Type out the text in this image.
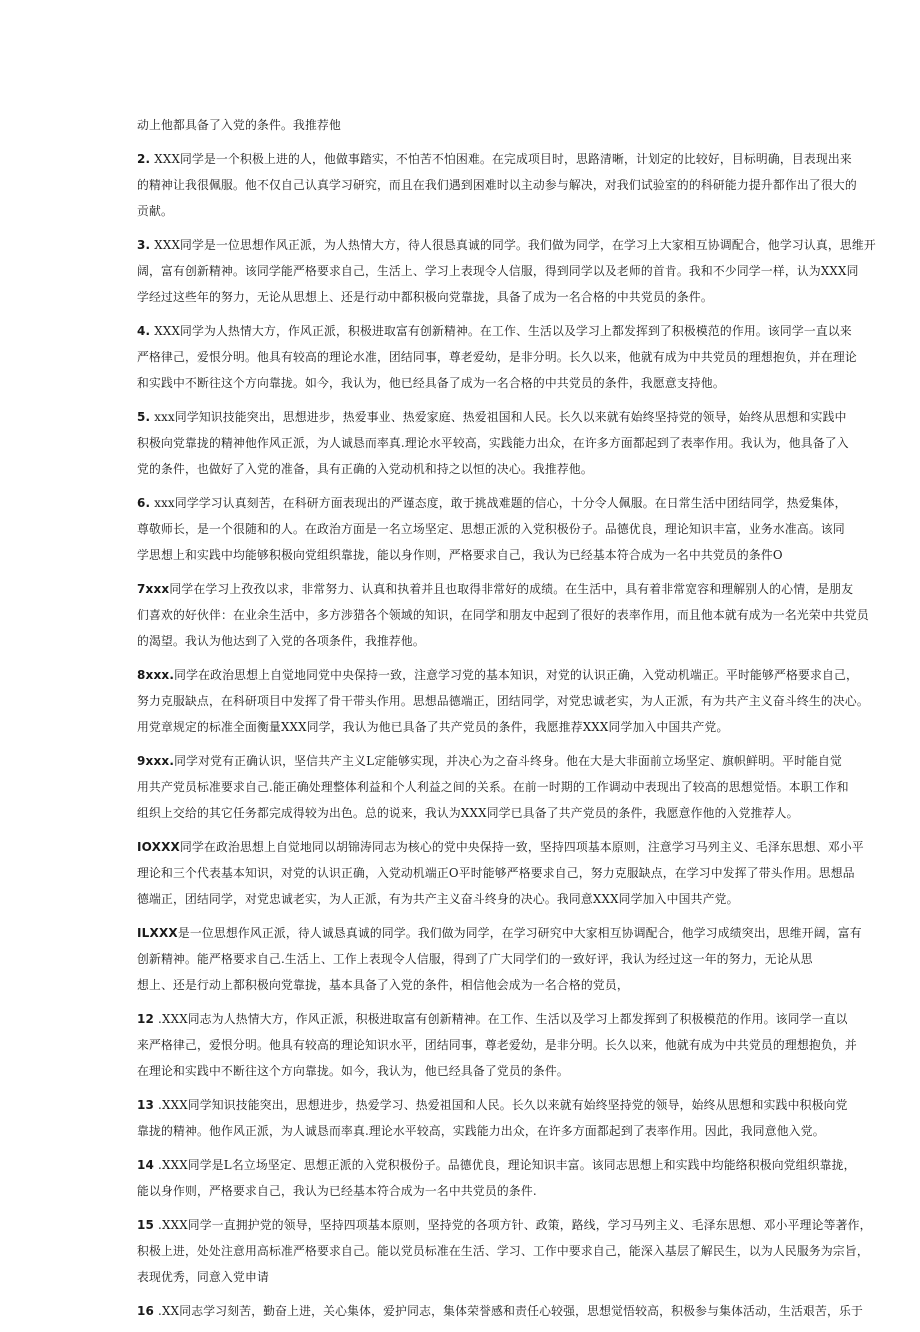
动上他都具备了入党的条件。我推荐他
2. XXX同学是一个积极上进的人，他做事踏实，不怕苦不怕困难。在完成项目时，思路清晰，计划定的比较好，目标明确，目表现出来
的精神让我很佩服。他不仅自己认真学习研究，而且在我们遇到困难时以主动参与解决，对我们试验室的的科研能力提升都作出了很大的
贡献。
3. XXX同学是一位思想作风正派，为人热情大方，待人很恳真诚的同学。我们做为同学，在学习上大家相互协调配合，他学习认真，思维开
阔，富有创新精神。该同学能严格要求自己，生活上、学习上表现令人信服，得到同学以及老师的首肯。我和不少同学一样，认为XXX同
学经过这些年的努力，无论从思想上、还是行动中都积极向党靠拢，具备了成为一名合格的中共党员的条件。
4. XXX同学为人热情大方，作风正派，积极进取富有创新精神。在工作、生活以及学习上都发挥到了积极模范的作用。该同学一直以来
严格律己，爱恨分明。他具有较高的理论水准，团结同事，尊老爱幼，是非分明。长久以来，他就有成为中共党员的理想抱负，并在理论
和实践中不断往这个方向靠拢。如今，我认为，他已经具备了成为一名合格的中共党员的条件，我愿意支持他。
5. xxx同学知识技能突出，思想进步，热爱事业、热爱家庭、热爱祖国和人民。长久以来就有始终坚持党的领导，始终从思想和实践中
积极向党靠拢的精神他作风正派，为人诚恳而率真.理论水平较高，实践能力出众，在许多方面都起到了表率作用。我认为，他具备了入
党的条件，也做好了入党的准备，具有正确的入党动机和持之以恒的决心。我推荐他。
6. xxx同学学习认真刻苦，在科研方面表现出的严谨态度，敢于挑战难题的信心，十分令人佩服。在日常生活中团结同学，热爱集体，
尊敬师长，是一个很随和的人。在政治方面是一名立场坚定、思想正派的入党积极份子。品德优良，理论知识丰富，业务水准高。该同
学思想上和实践中均能够积极向党组织靠拢，能以身作则，严格要求自己，我认为已经基本符合成为一名中共党员的条件O
7xxx同学在学习上孜孜以求，非常努力、认真和执着并且也取得非常好的成绩。在生活中，具有着非常宽容和理解别人的心情，是朋友
们喜欢的好伙伴：在业余生活中，多方涉猎各个领域的知识，在同学和朋友中起到了很好的表率作用，而且他本就有成为一名光荣中共党员
的渴望。我认为他达到了入党的各项条件，我推荐他。
8xxx.同学在政治思想上自觉地同党中央保持一致，注意学习党的基本知识，对党的认识正确，入党动机端正。平时能够严格要求自己，
努力克服缺点，在科研项目中发挥了骨干带头作用。思想品德端正，团结同学，对党忠诚老实，为人正派，有为共产主义奋斗终生的决心。
用党章规定的标准全面衡量XXX同学，我认为他已具备了共产党员的条件，我愿推荐XXX同学加入中国共产党。
9xxx.同学对党有正确认识，坚信共产主义L定能够实现，并决心为之奋斗终身。他在大是大非面前立场坚定、旗帜鲜明。平时能自觉
用共产党员标准要求自己.能正确处理整体利益和个人利益之间的关系。在前一时期的工作调动中表现出了较高的思想觉悟。本职工作和
组织上交给的其它任务都完成得较为出色。总的说来，我认为XXX同学已具备了共产党员的条件，我愿意作他的入党推荐人。
IOXXX同学在政治思想上自觉地同以胡锦涛同志为核心的党中央保持一致，坚持四项基本原则，注意学习马列主义、毛泽东思想、邓小平
理论和三个代表基本知识，对党的认识正确，入党动机端正O平时能够严格要求自己，努力克服缺点，在学习中发挥了带头作用。思想品
德端正，团结同学，对党忠诚老实，为人正派，有为共产主义奋斗终身的决心。我同意XXX同学加入中国共产党。
ILXXX是一位思想作风正派，待人诚恳真诚的同学。我们做为同学，在学习研究中大家相互协调配合，他学习成绩突出，思维开阔，富有
创新精神。能严格要求自己.生活上、工作上表现令人信服，得到了广大同学们的一致好评，我认为经过这一年的努力，无论从思
想上、还是行动上都积极向党靠拢，基本具备了入党的条件，相信他会成为一名合格的党员，
12 .XXX同志为人热情大方，作风正派，积极进取富有创新精神。在工作、生活以及学习上都发挥到了积极模范的作用。该同学一直以
来严格律己，爱恨分明。他具有较高的理论知识水平，团结同事，尊老爱幼，是非分明。长久以来，他就有成为中共党员的理想抱负，并
在理论和实践中不断往这个方向靠拢。如今，我认为，他已经具备了党员的条件。
13 .XXX同学知识技能突出，思想进步，热爱学习、热爱祖国和人民。长久以来就有始终坚持党的领导，始终从思想和实践中积极向党
靠拢的精神。他作风正派，为人诚恳而率真.理论水平较高，实践能力出众，在许多方面都起到了表率作用。因此，我同意他入党。
14 .XXX同学是L名立场坚定、思想正派的入党积极份子。品德优良，理论知识丰富。该同志思想上和实践中均能络积极向党组织靠拢，
能以身作则，严格要求自己，我认为已经基本符合成为一名中共党员的条件.
15 .XXX同学一直拥护党的领导，坚持四项基本原则，坚持党的各项方针、政策，路线，学习马列主义、毛泽东思想、邓小平理论等著作，
积极上进，处处注意用高标准严格要求自己。能以党员标准在生活、学习、工作中要求自己，能深入基层了解民生，以为人民服务为宗旨，
表现优秀，同意入党申请
16 .XX同志学习刻苦，勤奋上进，关心集体，爱护同志，集体荣誉感和责任心较强，思想觉悟较高，积极参与集体活动，生活艰苦，乐于
